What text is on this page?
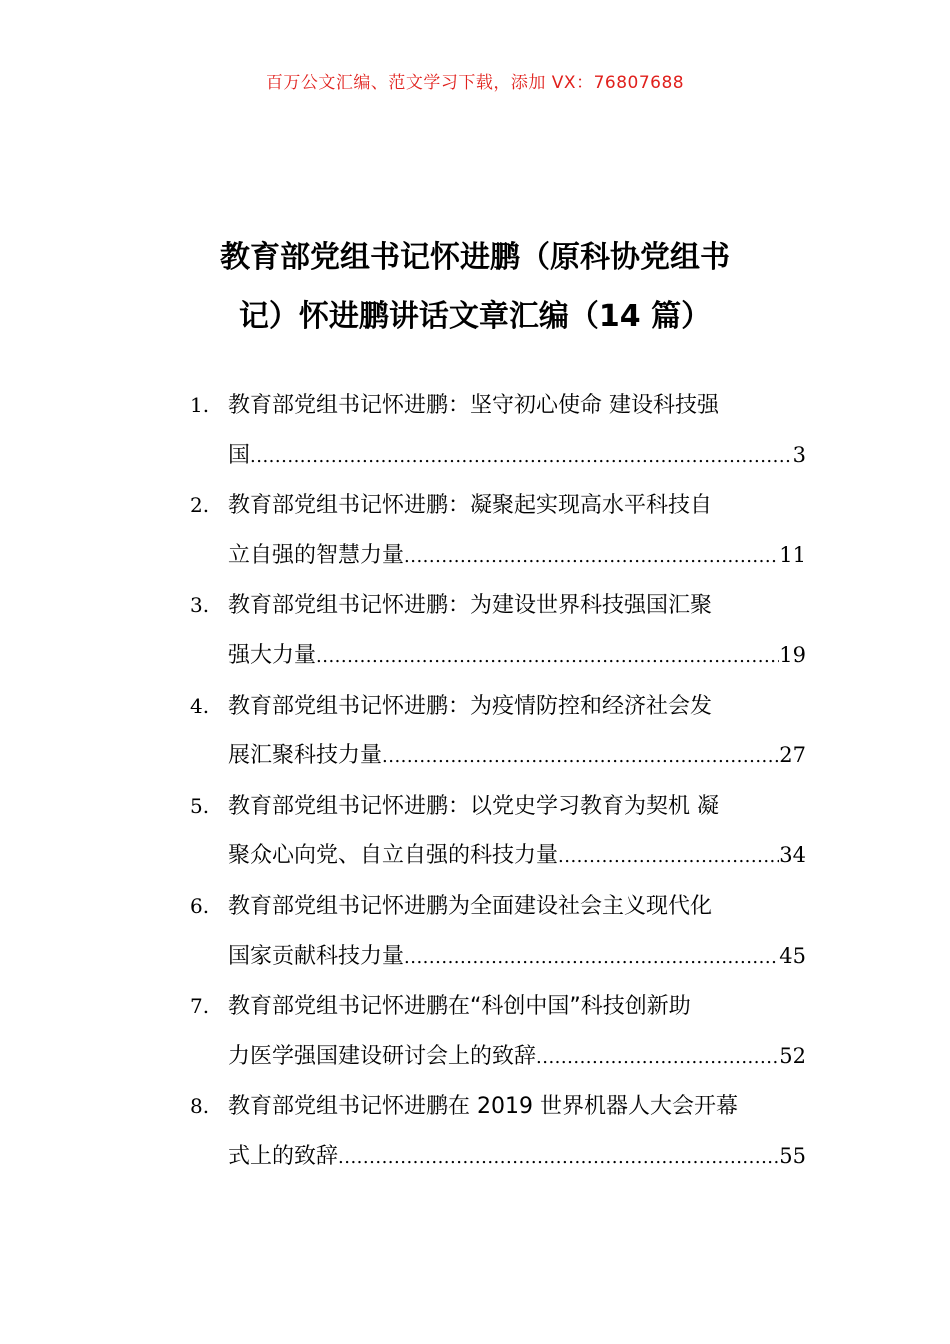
百万公文汇编、范文学习下载，添加 VX：76807688
教育部党组书记怀进鹏（原科协党组书
记）怀进鹏讲话文章汇编（14 篇）
1. 教育部党组书记怀进鹏：坚守初心使命 建设科技强
国 .....	3
2. 教育部党组书记怀进鹏：凝聚起实现高水平科技自
立自强的智慧力量 .....	11
3. 教育部党组书记怀进鹏：为建设世界科技强国汇聚
强大力量 .....	19
4. 教育部党组书记怀进鹏：为疫情防控和经济社会发
展汇聚科技力量 .....	27
5. 教育部党组书记怀进鹏：以党史学习教育为契机 凝
聚众心向党、自立自强的科技力量 .....	34
6. 教育部党组书记怀进鹏为全面建设社会主义现代化
国家贡献科技力量 .....	45
7. 教育部党组书记怀进鹏在“科创中国”科技创新助
力医学强国建设研讨会上的致辞 .....	52
8. 教育部党组书记怀进鹏在 2019 世界机器人大会开幕
式上的致辞 .....	55
